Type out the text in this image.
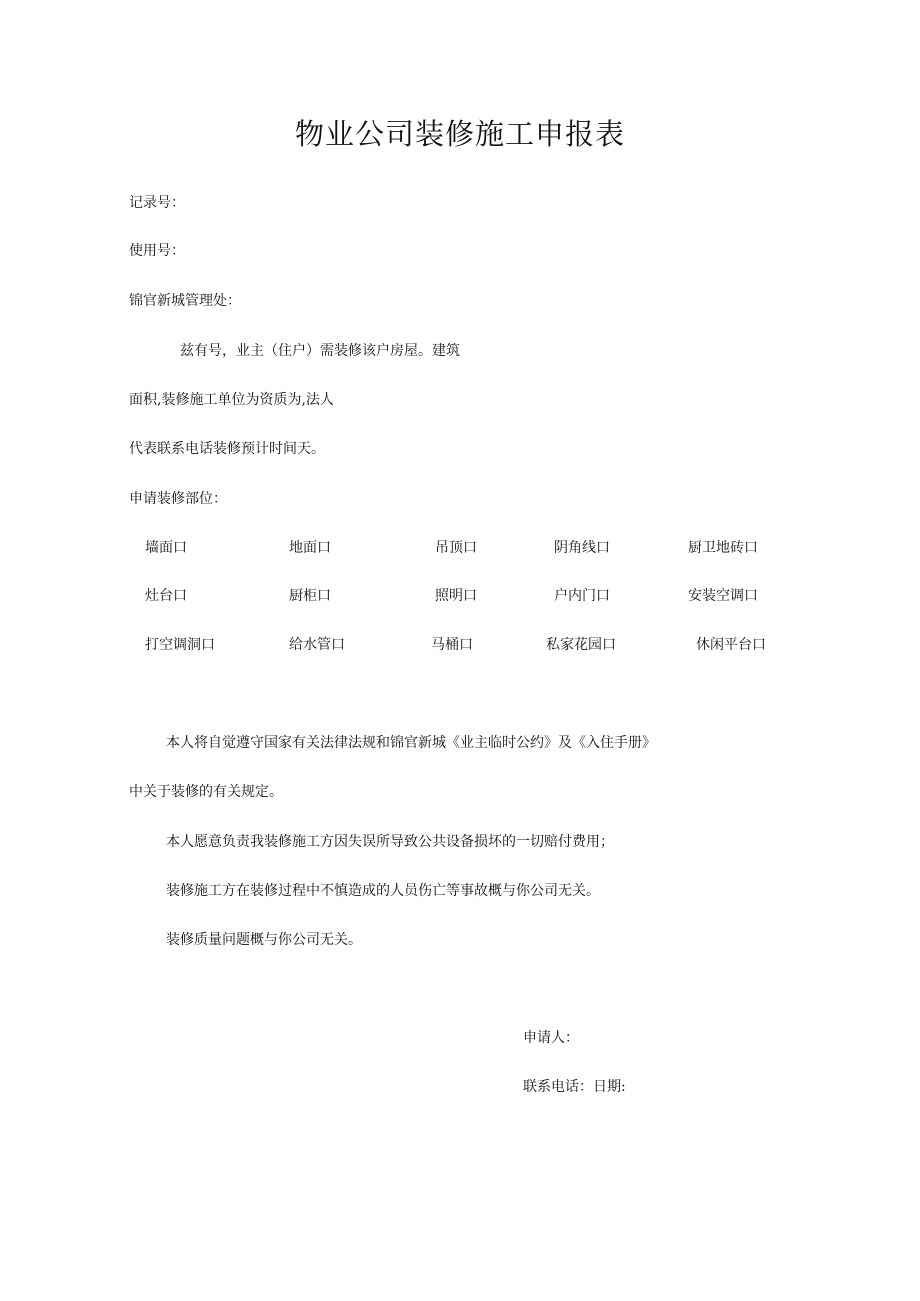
物业公司装修施工申报表
记录号：
使用号：
锦官新城管理处：
兹有号，业主（住户）需装修该户房屋。建筑
面积,装修施工单位为资质为,法人
代表联系电话装修预计时间天。
申请装修部位：
墙面口	地面口	吊顶口	阴角线口	厨卫地砖口
灶台口	厨柜口	照明口	户内门口	安装空调口
打空调洞口	给水管口	马桶口	私家花园口	休闲平台口
本人将自觉遵守国家有关法律法规和锦官新城《业主临时公约》及《入住手册》
中关于装修的有关规定。
本人愿意负责我装修施工方因失误所导致公共设备损坏的一切赔付费用；
装修施工方在装修过程中不慎造成的人员伤亡等事故概与你公司无关。
装修质量问题概与你公司无关。
申请人：
联系电话：日期:
